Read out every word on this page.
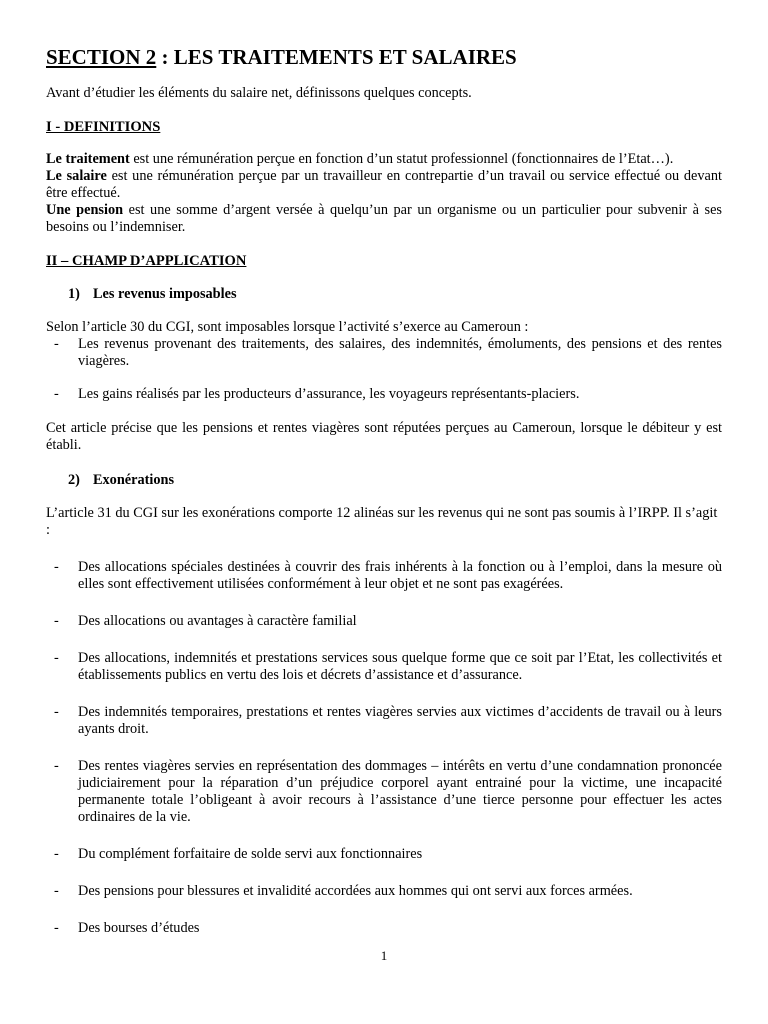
SECTION 2 : LES TRAITEMENTS ET SALAIRES

Avant d’étudier les éléments du salaire net, définissons quelques concepts.

I - DEFINITIONS

Le traitement est une rémunération perçue en fonction d’un statut professionnel (fonctionnaires de l’Etat…).

Le salaire est une rémunération perçue par un travailleur en contrepartie d’un travail ou service effectué ou devant être effectué.

Une pension est une somme d’argent versée à quelqu’un par un organisme ou un particulier pour subvenir à ses besoins ou l’indemniser.

II – CHAMP D’APPLICATION
1) Les revenus imposables

Selon l’article 30 du CGI, sont imposables lorsque l’activité s’exerce au Cameroun :

- Les revenus provenant des traitements, des salaires, des indemnités, émoluments, des pensions et des rentes viagères.
- Les gains réalisés par les producteurs d’assurance, les voyageurs représentants-placiers.

Cet article précise que les pensions et rentes viagères sont réputées perçues au Cameroun, lorsque le débiteur y est établi.

2) Exonérations

L’article 31 du CGI sur les exonérations comporte 12 alinéas sur les revenus qui ne sont pas soumis à l’IRPP. Il s’agit :

- Des allocations spéciales destinées à couvrir des frais inhérents à la fonction ou à l’emploi, dans la mesure où elles sont effectivement utilisées conformément à leur objet et ne sont pas exagérées.
- Des allocations ou avantages à caractère familial
- Des allocations, indemnités et prestations services sous quelque forme que ce soit par l’Etat, les collectivités et établissements publics en vertu des lois et décrets d’assistance et d’assurance.
- Des indemnités temporaires, prestations et rentes viagères servies aux victimes d’accidents de travail ou à leurs ayants droit.
- Des rentes viagères servies en représentation des dommages – intérêts en vertu d’une condamnation prononcée judiciairement pour la réparation d’un préjudice corporel ayant entrainé pour la victime, une incapacité permanente totale l’obligeant à avoir recours à l’assistance d’une tierce personne pour effectuer les actes ordinaires de la vie.
- Du complément forfaitaire de solde servi aux fonctionnaires
- Des pensions pour blessures et invalidité accordées aux hommes qui ont servi aux forces armées.
- Des bourses d’études
1
